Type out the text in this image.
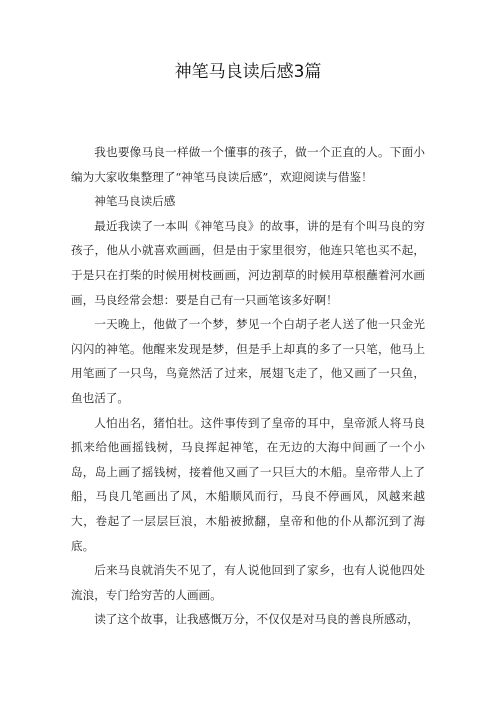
神笔马良读后感3篇

我也要像马良一样做一个懂事的孩子，做一个正直的人。下面小编为大家收集整理了“神笔马良读后感”，欢迎阅读与借鉴！

神笔马良读后感

最近我读了一本叫《神笔马良》的故事，讲的是有个叫马良的穷孩子，他从小就喜欢画画，但是由于家里很穷，他连只笔也买不起，于是只在打柴的时候用树枝画画，河边割草的时候用草根蘸着河水画画，马良经常会想：要是自己有一只画笔该多好啊！

一天晚上，他做了一个梦，梦见一个白胡子老人送了他一只金光闪闪的神笔。他醒来发现是梦，但是手上却真的多了一只笔，他马上用笔画了一只鸟，鸟竟然活了过来，展翅飞走了，他又画了一只鱼，鱼也活了。

人怕出名，猪怕壮。这件事传到了皇帝的耳中，皇帝派人将马良抓来给他画摇钱树，马良挥起神笔，在无边的大海中间画了一个小岛，岛上画了摇钱树，接着他又画了一只巨大的木船。皇帝带人上了船，马良几笔画出了风，木船顺风而行，马良不停画风，风越来越大，卷起了一层层巨浪，木船被掀翻，皇帝和他的仆从都沉到了海底。

后来马良就消失不见了，有人说他回到了家乡，也有人说他四处流浪，专门给穷苦的人画画。

读了这个故事，让我感慨万分，不仅仅是对马良的善良所感动，
